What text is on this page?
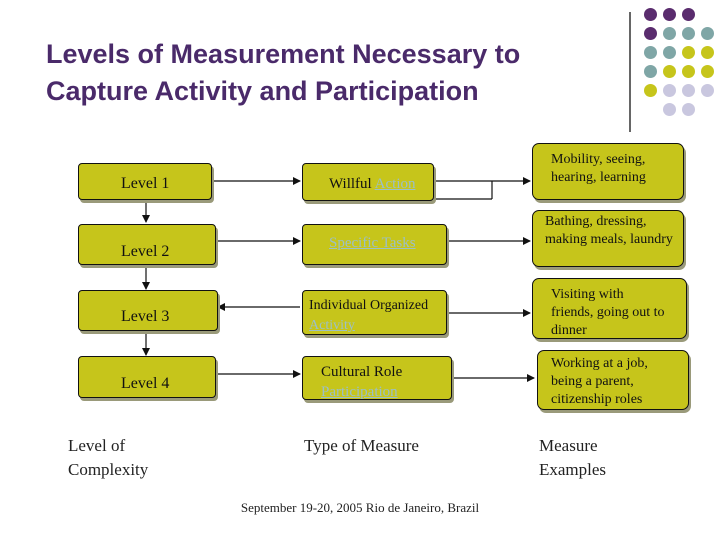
Levels of Measurement Necessary to Capture Activity and Participation
Level 1
Level 2
Level 3
Level 4
Willful Action
Specific Tasks
Individual Organized Activity
Cultural Role Participation
Mobility, seeing, hearing, learning
Bathing, dressing, making meals, laundry
Visiting with friends, going out to dinner
Working at a job, being a parent, citizenship roles
Level of Complexity
Type of Measure	Measure Examples
September 19-20, 2005 Rio de Janeiro, Brazil
